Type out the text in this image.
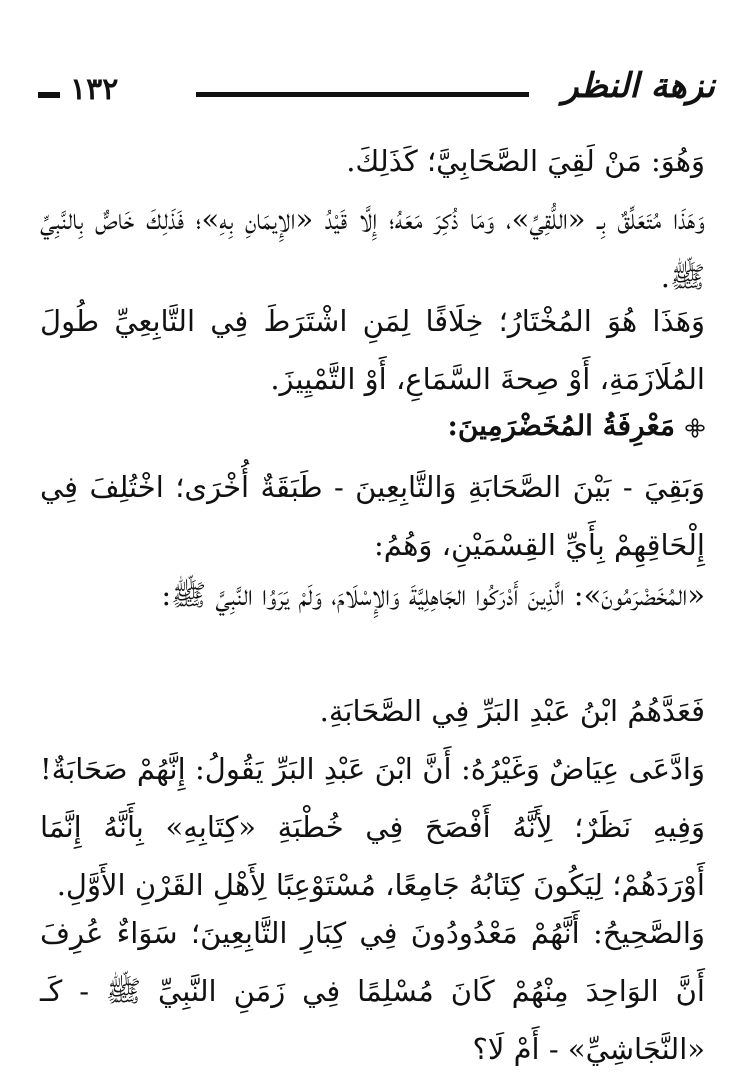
نزهة النظر
١٣٢
وَهُوَ: مَنْ لَقِيَ الصَّحَابِيَّ؛ كَذَلِكَ.
وَهَذَا مُتَعَلِّقٌ بِـ «اللُّقِيِّ»، وَمَا ذُكِرَ مَعَهُ؛ إِلَّا قَيْدُ «الإِيمَانِ بِهِ»؛ فَذَلِكَ خَاصٌّ بِالنَّبِيِّ ﷺ.
وَهَذَا هُوَ المُخْتَارُ؛ خِلَافًا لِمَنِ اشْتَرَطَ فِي التَّابِعِيِّ طُولَ المُلَازَمَةِ، أَوْ صِحةَ السَّمَاعِ، أَوْ التَّمْيِيزَ.
مَعْرِفَةُ المُخَضْرَمِينَ:
وَبَقِيَ - بَيْنَ الصَّحَابَةِ وَالتَّابِعِينَ - طَبَقَةٌ أُخْرَى؛ اخْتُلِفَ فِي إِلْحَاقِهِمْ بِأَيِّ القِسْمَيْنِ، وَهُمُ:
«المُخَضْرَمُونَ»: الَّذِينَ أَدْرَكُوا الجَاهِلِيَّةَ وَالإِسْلَامَ، وَلَمْ يَرَوُا النَّبِيَّ ﷺ:
فَعَدَّهُمُ ابْنُ عَبْدِ البَرِّ فِي الصَّحَابَةِ.
وَادَّعَى عِيَاضٌ وَغَيْرُهُ: أَنَّ ابْنَ عَبْدِ البَرِّ يَقُولُ: إِنَّهُمْ صَحَابَةٌ! وَفِيهِ نَظَرٌ؛ لِأَنَّهُ أَفْصَحَ فِي خُطْبَةِ «كِتَابِهِ» بِأَنَّهُ إِنَّمَا أَوْرَدَهُمْ؛ لِيَكُونَ كِتَابُهُ جَامِعًا، مُسْتَوْعِبًا لِأَهْلِ القَرْنِ الأَوَّلِ.
وَالصَّحِيحُ: أَنَّهُمْ مَعْدُودُونَ فِي كِبَارِ التَّابِعِينَ؛ سَوَاءٌ عُرِفَ أَنَّ الوَاحِدَ مِنْهُمْ كَانَ مُسْلِمًا فِي زَمَنِ النَّبِيِّ ﷺ - كَـ «النَّجَاشِيِّ» - أَمْ لَا؟
